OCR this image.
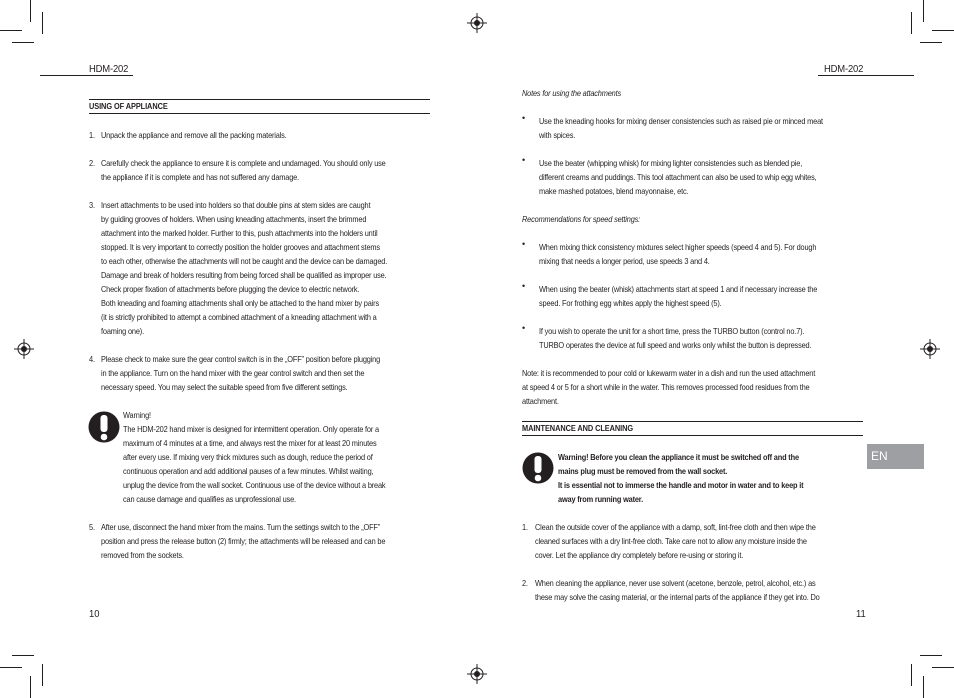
HDM-202
USING OF APPLIANCE
1. Unpack the appliance and remove all the packing materials.
2. Carefully check the appliance to ensure it is complete and undamaged. You should only use
the appliance if it is complete and has not suffered any damage.
3. Insert attachments to be used into holders so that double pins at stem sides are caught
by guiding grooves of holders. When using kneading attachments, insert the brimmed
attachment into the marked holder. Further to this, push attachments into the holders until
stopped. It is very important to correctly position the holder grooves and attachment stems
to each other, otherwise the attachments will not be caught and the device can be damaged.
Damage and break of holders resulting from being forced shall be qualified as improper use.
Check proper fixation of attachments before plugging the device to electric network.
Both kneading and foaming attachments shall only be attached to the hand mixer by pairs
(it is strictly prohibited to attempt a combined attachment of a kneading attachment with a
foaming one).
4. Please check to make sure the gear control switch is in the „OFF” position before plugging
in the appliance. Turn on the hand mixer with the gear control switch and then set the
necessary speed. You may select the suitable speed from five different settings.
Warning!
The HDM-202 hand mixer is designed for intermittent operation. Only operate for a
maximum of 4 minutes at a time, and always rest the mixer for at least 20 minutes
after every use. If mixing very thick mixtures such as dough, reduce the period of
continuous operation and add additional pauses of a few minutes. Whilst waiting,
unplug the device from the wall socket. Continuous use of the device without a break
can cause damage and qualifies as unprofessional use.
5. After use, disconnect the hand mixer from the mains. Turn the settings switch to the „OFF”
position and press the release button (2) firmly; the attachments will be released and can be
removed from the sockets.
10
HDM-202
Notes for using the attachments
• Use the kneading hooks for mixing denser consistencies such as raised pie or minced meat
with spices.
• Use the beater (whipping whisk) for mixing lighter consistencies such as blended pie,
different creams and puddings. This tool attachment can also be used to whip egg whites,
make mashed potatoes, blend mayonnaise, etc.
Recommendations for speed settings:
• When mixing thick consistency mixtures select higher speeds (speed 4 and 5). For dough
mixing that needs a longer period, use speeds 3 and 4.
• When using the beater (whisk) attachments start at speed 1 and if necessary increase the
speed. For frothing egg whites apply the highest speed (5).
• If you wish to operate the unit for a short time, press the TURBO button (control no.7).
TURBO operates the device at full speed and works only whilst the button is depressed.
Note: it is recommended to pour cold or lukewarm water in a dish and run the used attachment
at speed 4 or 5 for a short while in the water. This removes processed food residues from the
attachment.
MAINTENANCE AND CLEANING
Warning! Before you clean the appliance it must be switched off and the
mains plug must be removed from the wall socket.
It is essential not to immerse the handle and motor in water and to keep it
away from running water.
1. Clean the outside cover of the appliance with a damp, soft, lint-free cloth and then wipe the
cleaned surfaces with a dry lint-free cloth. Take care not to allow any moisture inside the
cover. Let the appliance dry completely before re-using or storing it.
2. When cleaning the appliance, never use solvent (acetone, benzole, petrol, alcohol, etc.) as
these may solve the casing material, or the internal parts of the appliance if they get into. Do
11
EN
